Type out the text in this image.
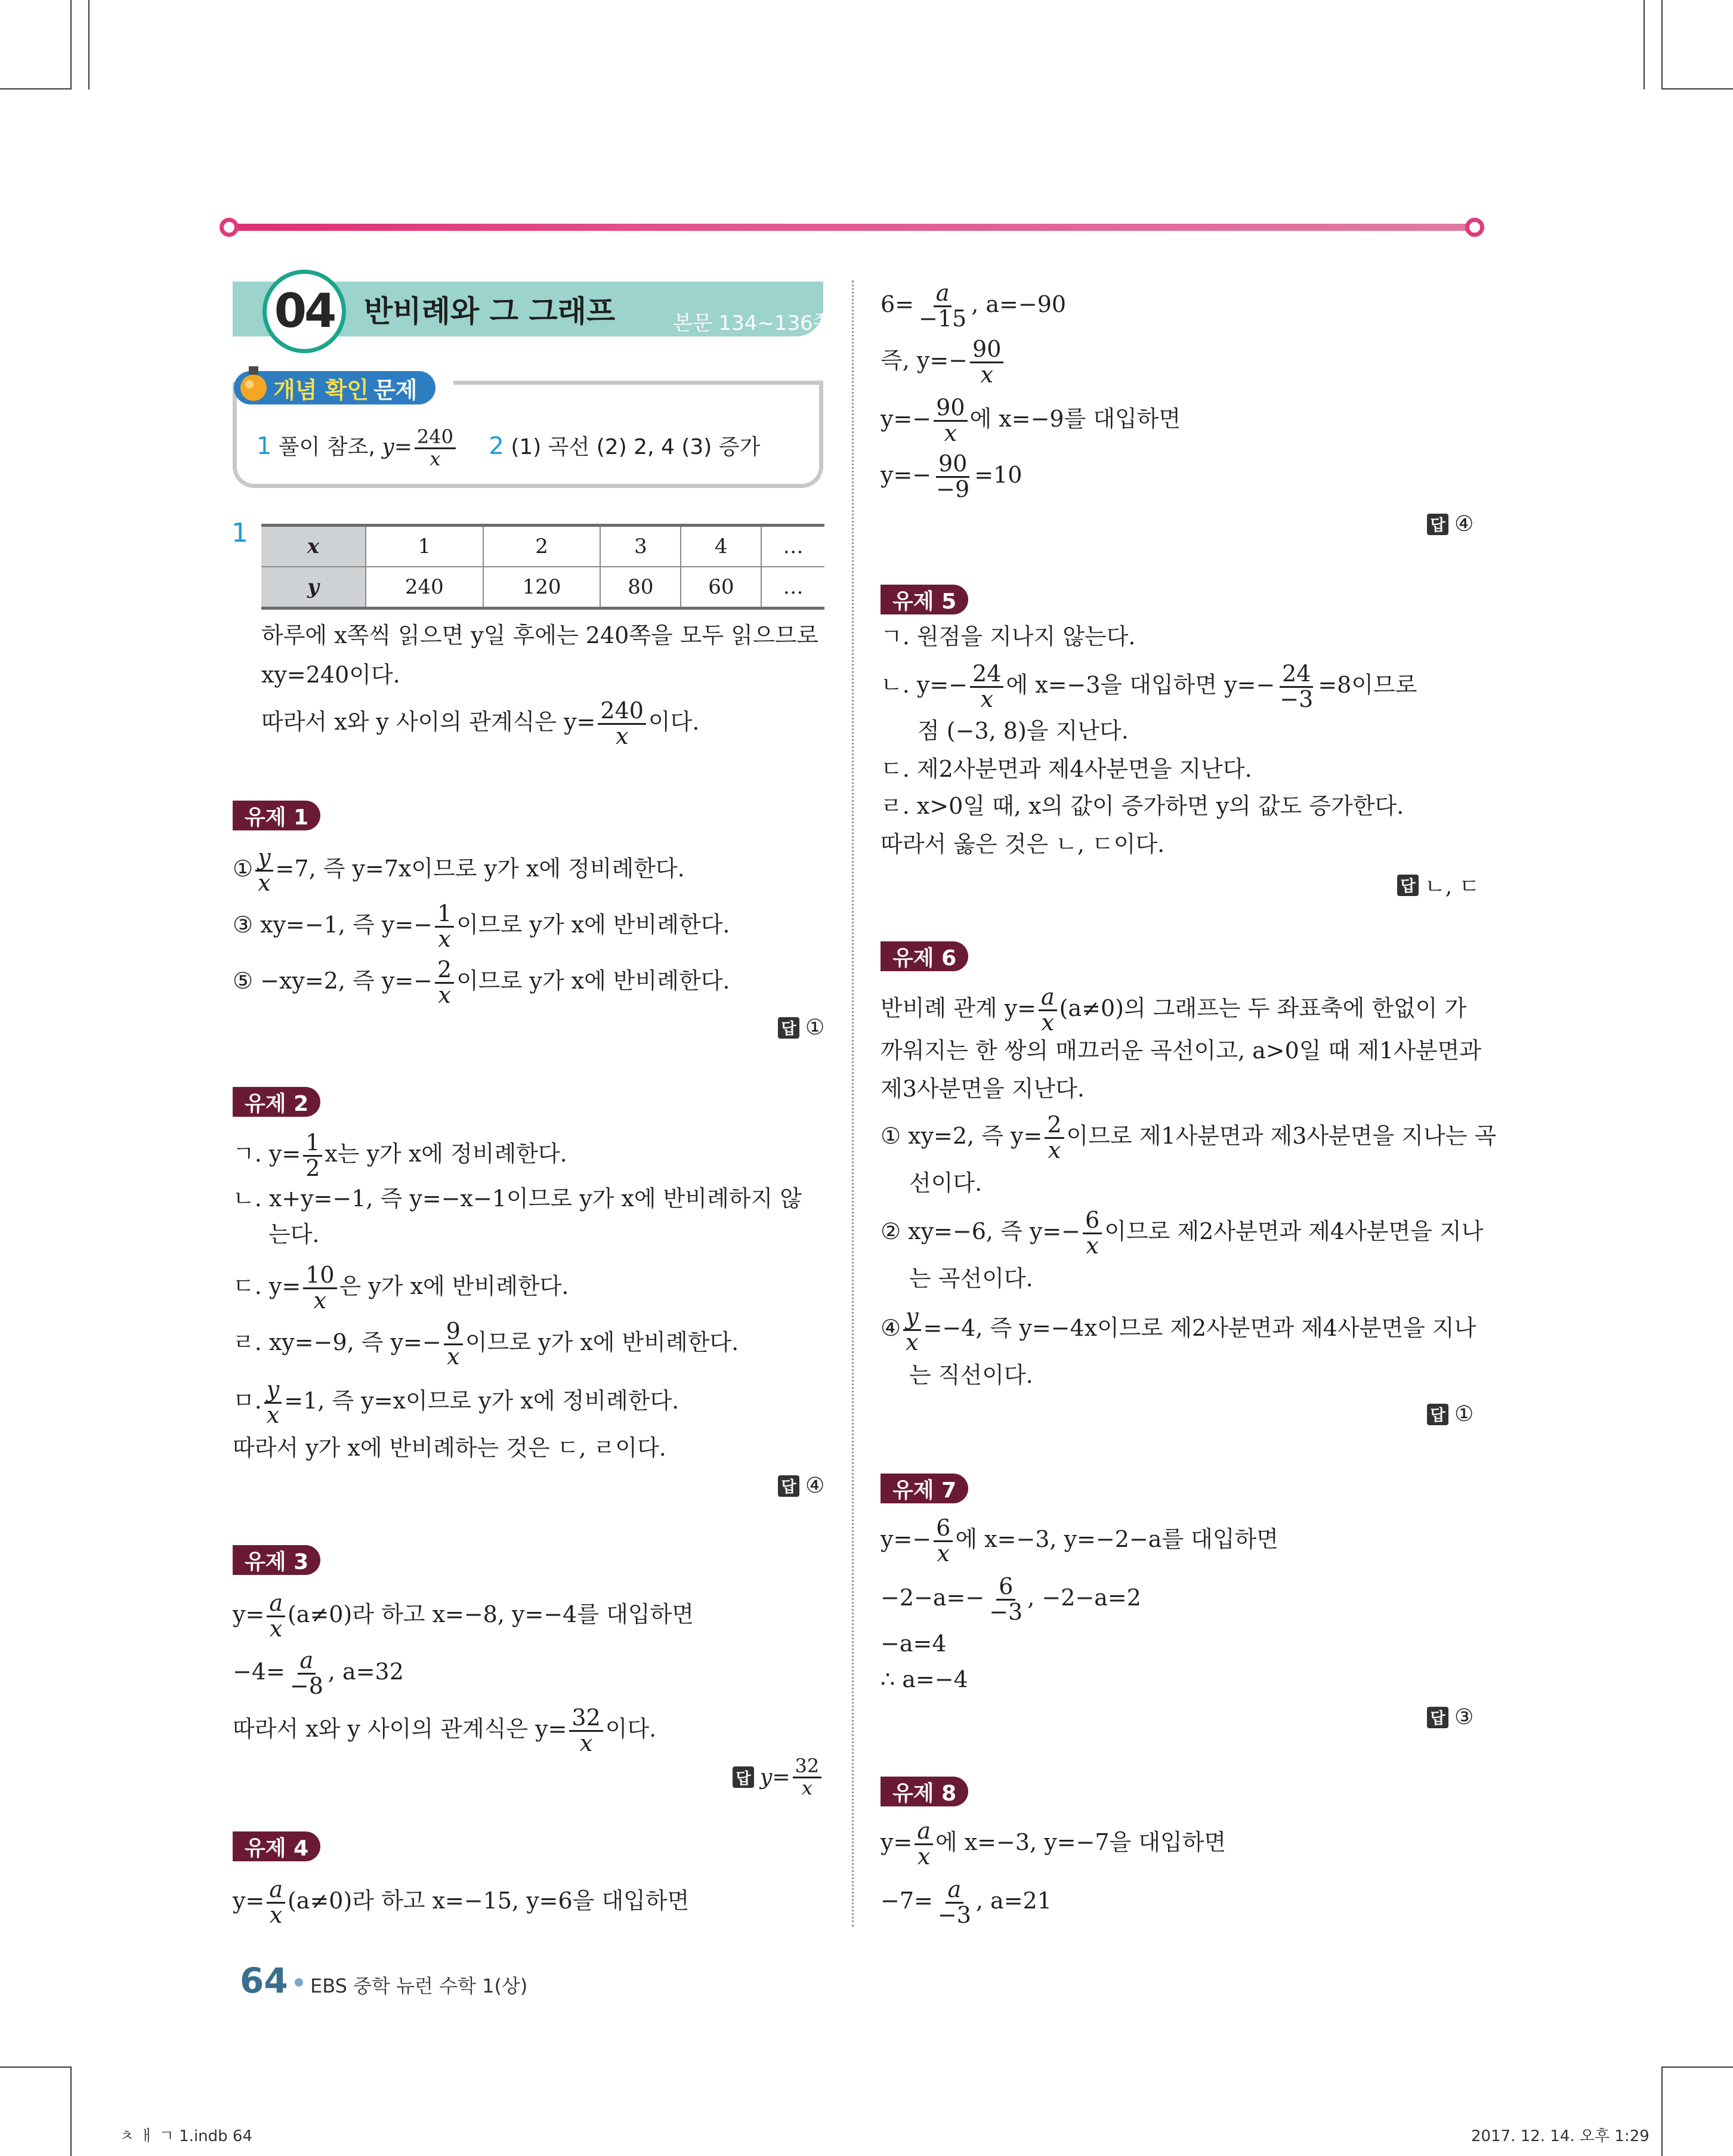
04 반비례와 그 그래프	본문 134~136쪽
개념 확인 문제
1 풀이 참조, $y= \frac{240}{x} 2$ (1) 곡선 (2) 2, 4 (3) 증가
1	x	1	2	3	4	…
y	240	120	80	60	…
하루에 x쪽씩 읽으면 y일 후에는 240쪽을 모두 읽으므로
xy=240이다.
따라서 x와 y 사이의 관계식은 $y= \frac{240}{x}$ 이다.
유제 1
① $\frac{y}{x} =7$, 즉 y=7x이므로 y가 x에 정비례한다.
③ xy=−1, 즉 $y=- \frac{1}{x}$ 이므로 y가 x에 반비례한다.
⑤ −xy=2, 즉 $y=- \frac{2}{x}$ 이므로 y가 x에 반비례한다.
답 ①
유제 2
ㄱ. $y= \frac{1}{2}$ x는 y가 x에 정비례한다.
ㄴ. x+y=−1, 즉 y=−x−1이므로 y가 x에 반비례하지 않
는다.
ㄷ. $y= \frac{10}{x}$ 은 y가 x에 반비례한다.
ㄹ. xy=−9, 즉 $y=- \frac{9}{x}$ 이므로 y가 x에 반비례한다.
ㅁ. $\frac{y}{x} =1$, 즉 y=x이므로 y가 x에 정비례한다.
따라서 y가 x에 반비례하는 것은 ㄷ, ㄹ이다.
답 ④
유제 3
$y= \frac{a}{x} (a\ne 0)$라 하고 x=−8, y=−4를 대입하면
$-4= \frac{a}{-8}$ , a=32
따라서 x와 y 사이의 관계식은 $y= \frac{32}{x}$ 이다.
답 $y= \frac{32}{x}$
유제 4
$y= \frac{a}{x} (a\ne 0)$라 하고 x=−15, y=6을 대입하면
$6= \frac{a}{-15}$ , a=−90
즉, $y=- \frac{90}{x}$
$y=- \frac{90}{x}$ 에 x=−9를 대입하면
$y=- \frac{90}{-9} =10$
답 ④
유제 5
ㄱ. 원점을 지나지 않는다.
ㄴ. $y=- \frac{24}{x}$ 에 x=−3을 대입하면 $y=- \frac{24}{-3} =8$이므로
점 (−3, 8)을 지난다.
ㄷ. 제2사분면과 제4사분면을 지난다.
ㄹ. x>0일 때, x의 값이 증가하면 y의 값도 증가한다.
따라서 옳은 것은 ㄴ, ㄷ이다.
답 ㄴ, ㄷ
유제 6
반비례 관계 $y= \frac{a}{x} (a\ne 0)$의 그래프는 두 좌표축에 한없이 가
까워지는 한 쌍의 매끄러운 곡선이고, a>0일 때 제1사분면과
제3사분면을 지난다.
① xy=2, 즉 $y= \frac{2}{x}$ 이므로 제1사분면과 제3사분면을 지나는 곡
선이다.
② xy=−6, 즉 $y=- \frac{6}{x}$ 이므로 제2사분면과 제4사분면을 지나
는 곡선이다.
④ $\frac{y}{x} =-4$, 즉 y=−4x이므로 제2사분면과 제4사분면을 지나
는 직선이다.
답 ①
유제 7
$y=- \frac{6}{x}$ 에 x=−3, y=−2−a를 대입하면
$-2-a=- \frac{6}{-3}$ , −2−a=2
−a=4
∴ a=−4
답 ③
유제 8
$y= \frac{a}{x}$ 에 x=−3, y=−7을 대입하면
$-7= \frac{a}{-3}$ , a=21
64 EBS 중학 뉴런 수학 1(상)
ㅊ ㅐ ㄱ 1.indb 64	2017. 12. 14. 오후 1:29
